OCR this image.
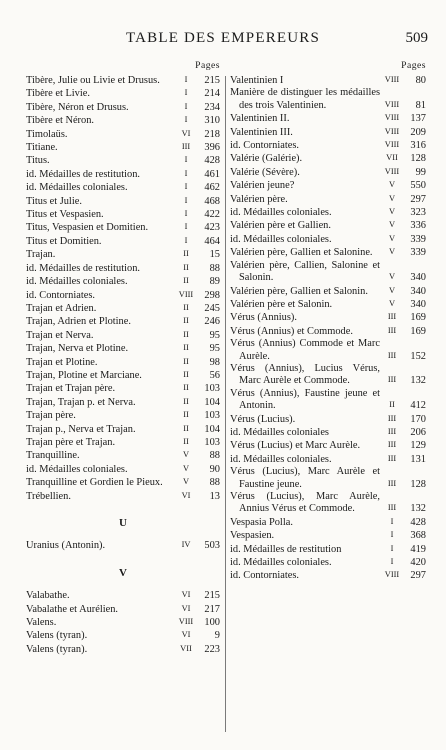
TABLE DES EMPEREURS	509
Pages
Tibère, Julie ou Livie et Drusus.	I	215
Tibère et Livie.	I	214
Tibère, Néron et Drusus.	I	234
Tibère et Néron.	I	310
Timolaüs.	VI	218
Titiane.	III	396
Titus.	I	428
id. Médailles de restitution.	I	461
id. Médailles coloniales.	I	462
Titus et Julie.	I	468
Titus et Vespasien.	I	422
Titus, Vespasien et Domitien.	I	423
Titus et Domitien.	I	464
Trajan.	II	15
id. Médailles de restitution.	II	88
id. Médailles coloniales.	II	89
id. Contorniates.	VIII	298
Trajan et Adrien.	II	245
Trajan, Adrien et Plotine.	II	246
Trajan et Nerva.	II	95
Trajan, Nerva et Plotine.	II	95
Trajan et Plotine.	II	98
Trajan, Plotine et Marciane.	II	56
Trajan et Trajan père.	II	103
Trajan, Trajan p. et Nerva.	II	104
Trajan père.	II	103
Trajan p., Nerva et Trajan.	II	104
Trajan père et Trajan.	II	103
Tranquilline.	V	88
id. Médailles coloniales.	V	90
Tranquilline et Gordien le Pieux.	V	88
Trébellien.	VI	13
U
Uranius (Antonin).	IV	503
V
Valabathe.	VI	215
Vabalathe et Aurélien.	VI	217
Valens.	VIII	100
Valens (tyran).	VI	9
Valens (tyran).	VII	223
Pages
Valentinien I	VIII	80
Manière de distinguer les médailles des trois Valentinien.	VIII	81
Valentinien II.	VIII	137
Valentinien III.	VIII	209
id. Contorniates.	VIII	316
Valérie (Galérie).	VII	128
Valérie (Sévère).	VIII	99
Valérien jeune?	V	550
Valérien père.	V	297
id. Médailles coloniales.	V	323
Valérien père et Gallien.	V	336
id. Médailles coloniales.	V	339
Valérien père, Gallien et Salonine.	V	339
Valérien père, Callien, Salonine et Salonin.	V	340
Valérien père, Gallien et Salonin.	V	340
Valérien père et Salonin.	V	340
Vérus (Annius).	III	169
Vérus (Annius) et Commode.	III	169
Vérus (Annius) Commode et Marc Aurèle.	III	152
Vérus (Annius), Lucius Vérus, Marc Aurèle et Commode.	III	132
Vérus (Annius), Faustine jeune et Antonin.	II	412
Vérus (Lucius).	III	170
id. Médailles coloniales	III	206
Vérus (Lucius) et Marc Aurèle.	III	129
id. Médailles coloniales.	III	131
Vérus (Lucius), Marc Aurèle et Faustine jeune.	III	128
Vérus (Lucius), Marc Aurèle, Annius Vérus et Commode.	III	132
Vespasia Polla.	I	428
Vespasien.	I	368
id. Médailles de restitution	I	419
id. Médailles coloniales.	I	420
id. Contorniates.	VIII	297
